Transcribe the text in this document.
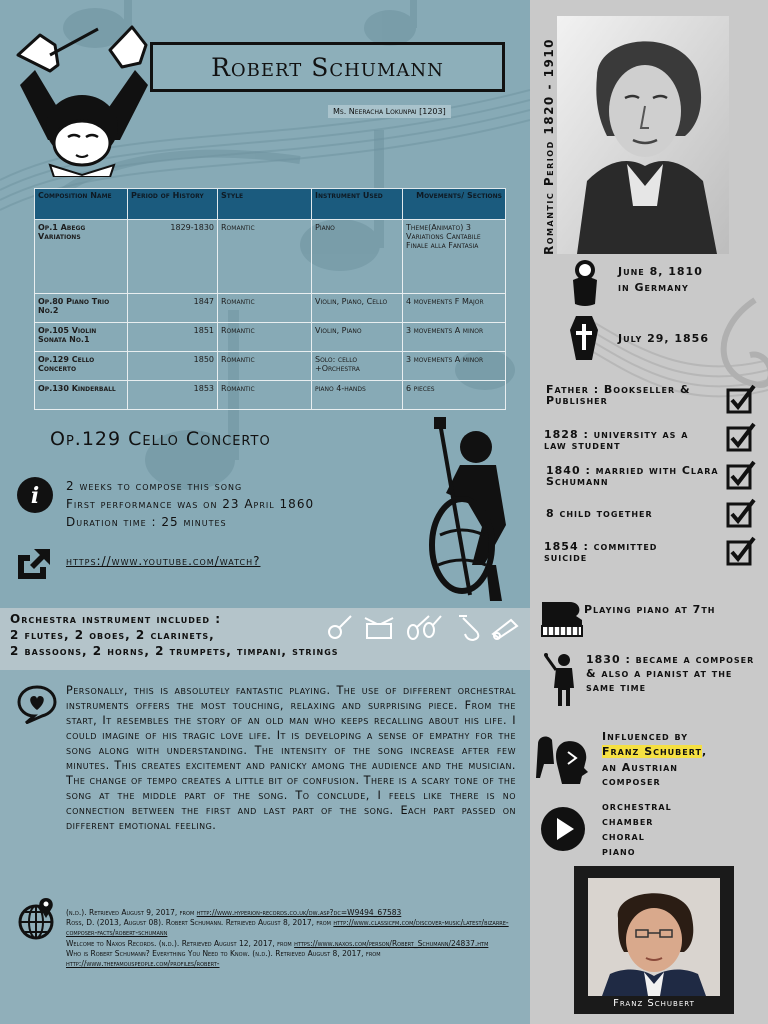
Robert Schumann
Ms. Neeracha Lokunpai [1203]
Composition Name	Period of History	Style	Instrument Used	Movements/ Sections
Op.1 Abegg Variations	1829-1830	Romantic	Piano	Theme(Animato) 3 Variations Cantabile Finale alla Fantasia
Op.80 Piano Trio No.2	1847	Romantic	Violin, Piano, Cello	4 movements F Major
Op.105 Violin Sonata No.1	1851	Romantic	Violin, Piano	3 movements A minor
Op.129 Cello Concerto	1850	Romantic	Solo: cello +Orchestra	3 movements A minor
Op.130 Kinderball	1853	Romantic	piano 4-hands	6 pieces
Op.129 Cello Concerto
i 2 weeks to compose this song
First performance was on 23 April 1860
Duration time : 25 minutes
https://www.youtube.com/watch?
Orchestra instrument included :
2 flutes, 2 oboes, 2 clarinets,
2 bassoons, 2 horns, 2 trumpets, timpani, strings
Personally, this is absolutely fantastic playing. The use of different orchestral instruments offers the most touching, relaxing and surprising piece. From the start, It resembles the story of an old man who keeps recalling about his life. I could imagine of his tragic love life. It is developing a sense of empathy for the song along with understanding. The intensity of the song increase after few minutes. This creates excitement and panicky among the audience and the musician. The change of tempo creates a little bit of confusion. There is a scary tone of the song at the middle part of the song. To conclude, I feels like there is no connection between the first and last part of the song. Each part passed on different emotional feeling.
(n.d.). Retrieved August 9, 2017, from http://www.hyperion-records.co.uk/dw.asp?dc=W9494_67583
Ross, D. (2013, August 08). Robert Schumann. Retrieved August 8, 2017, from http://www.classicfm.com/discover-music/latest/bizarre-composer-facts/robert-schumann
Welcome to Naxos Records. (n.d.). Retrieved August 12, 2017, from https://www.naxos.com/person/Robert_Schumann/24837.htm
Who is Robert Schumann? Everything You Need to Know. (n.d.). Retrieved August 8, 2017, from http://www.thefamouspeople.com/profiles/robert-
Romantic Period 1820 - 1910
June 8, 1810
in Germany
July 29, 1856
Father : Bookseller & Publisher
1828 : university as a law student
1840 : married with Clara Schumann
8 child together
1854 : committed suicide
Playing piano at 7th
1830 : became a composer & also a pianist at the same time
Influenced by
Franz Schubert,
an Austrian composer
orchestral
chamber
choral
piano
Franz Schubert
